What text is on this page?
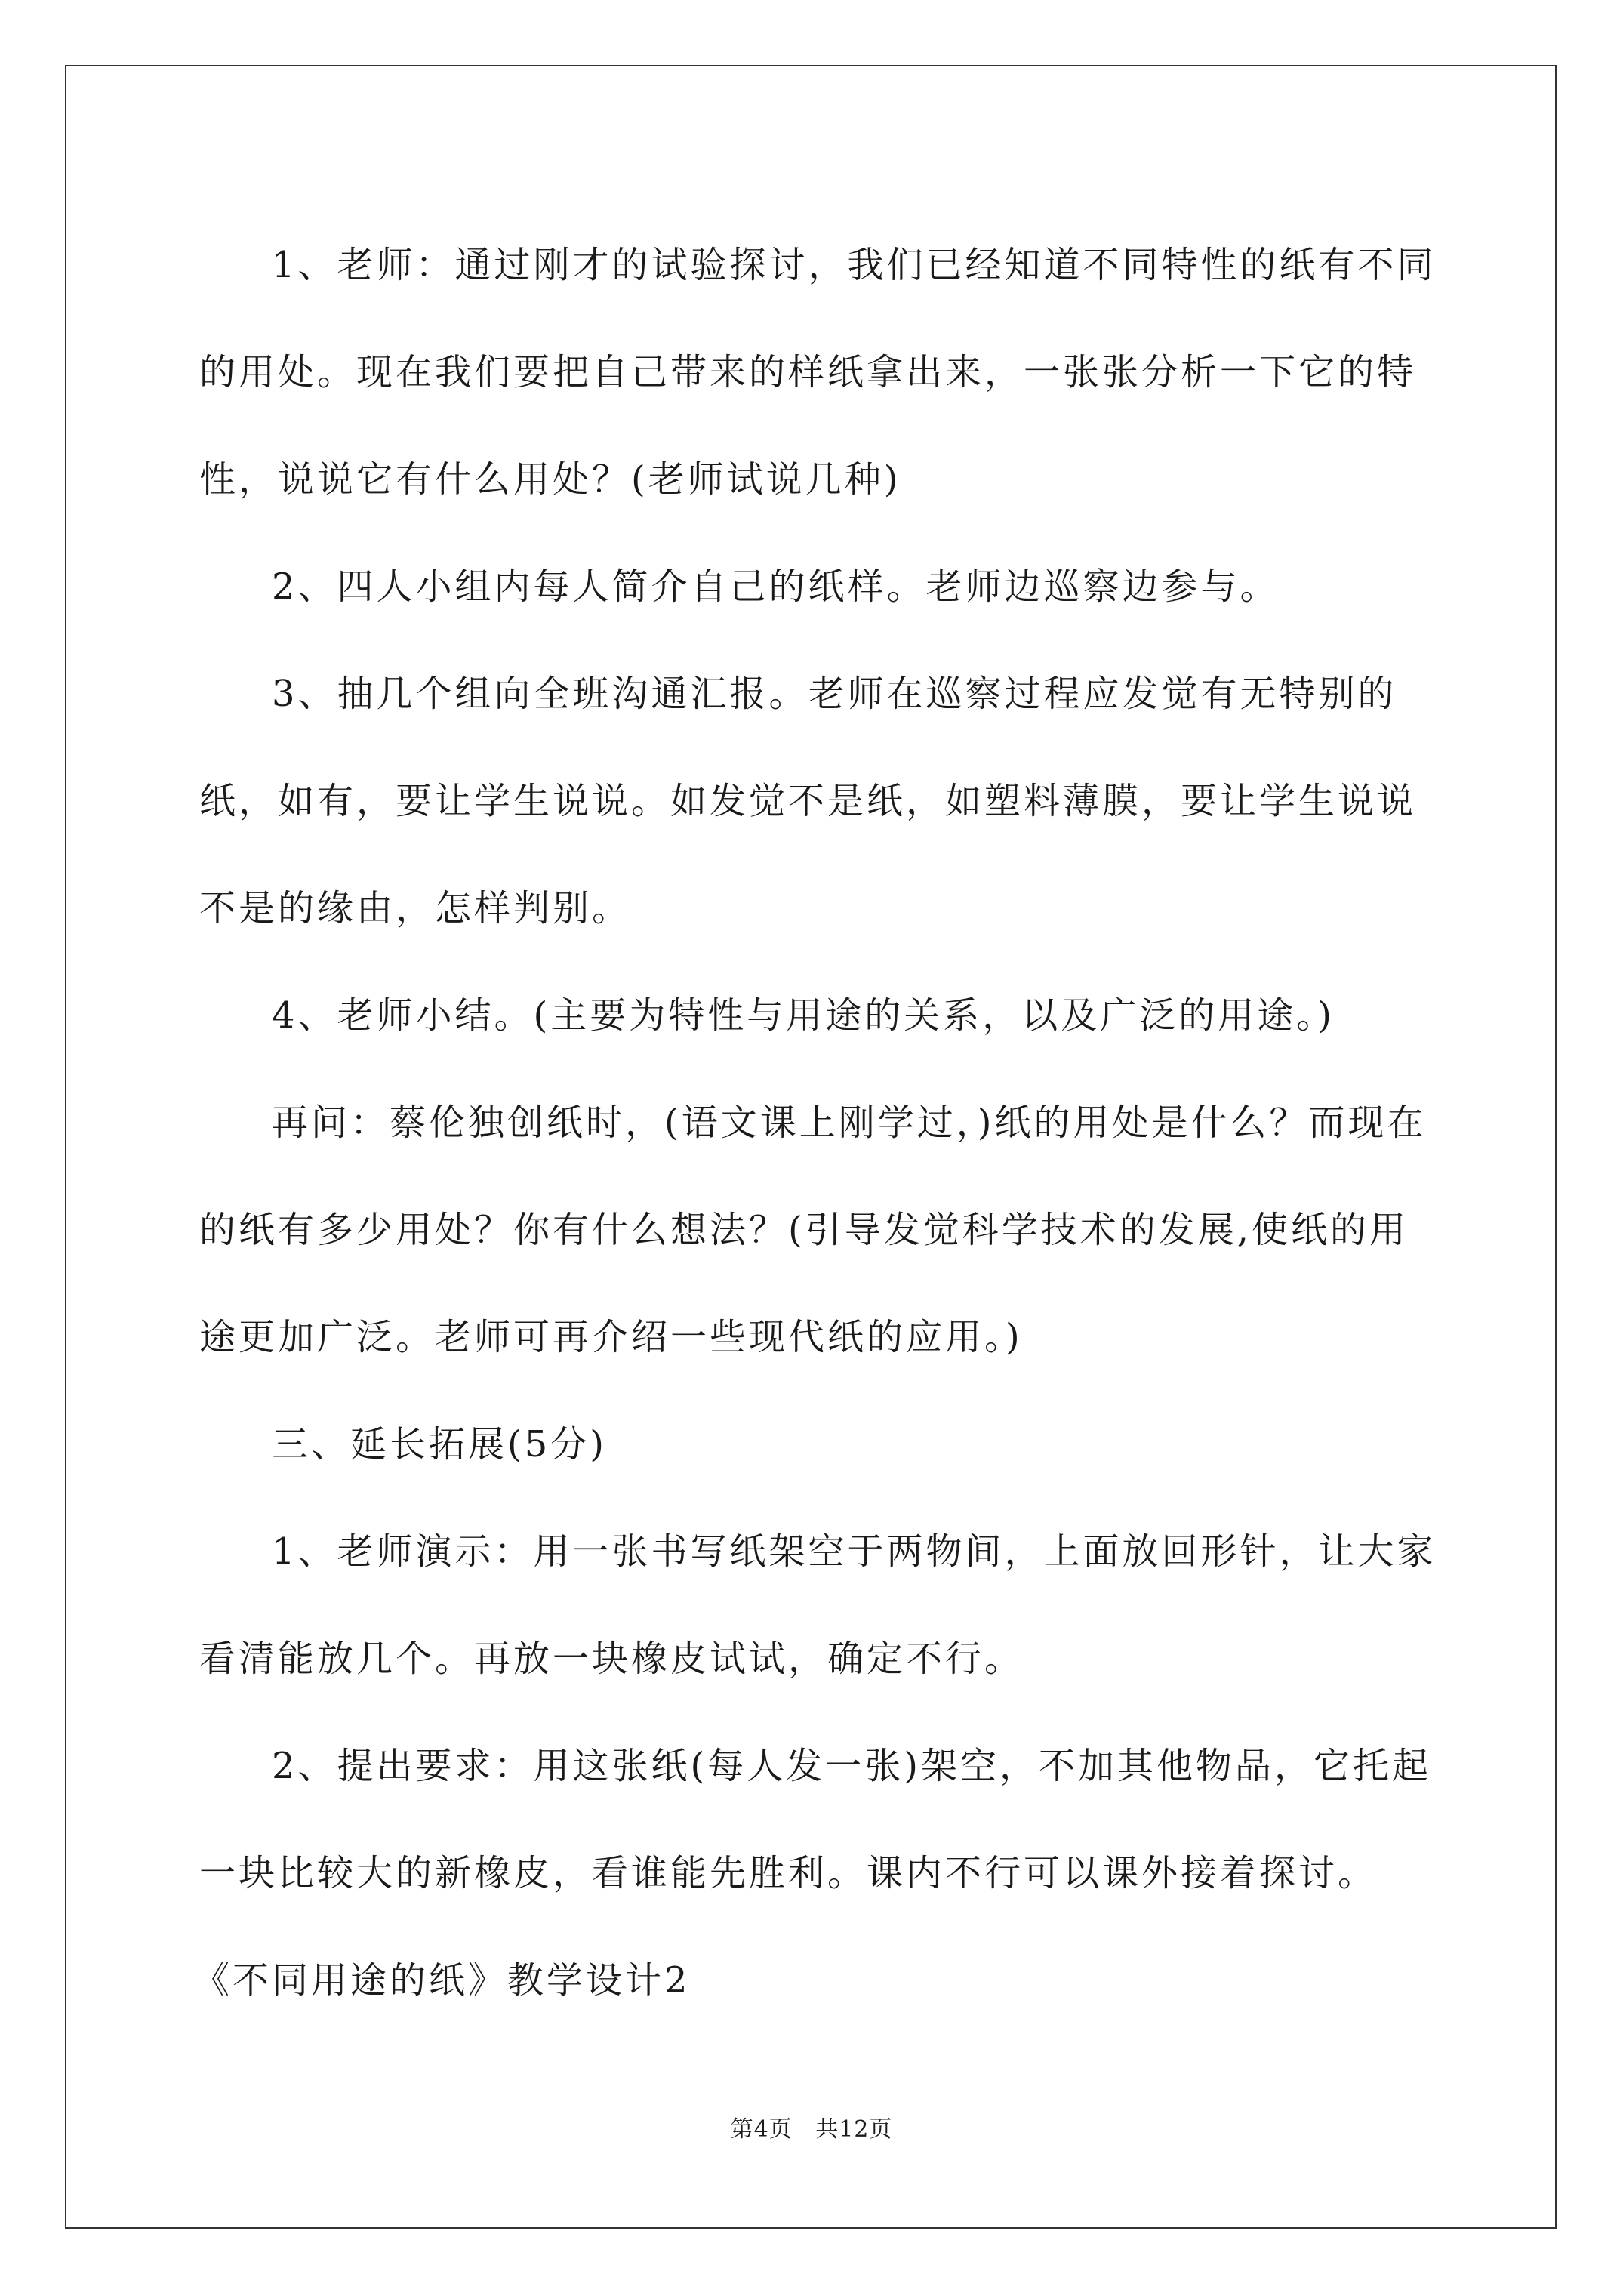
1、老师：通过刚才的试验探讨，我们已经知道不同特性的纸有不同的用处。现在我们要把自己带来的样纸拿出来，一张张分析一下它的特性，说说它有什么用处？(老师试说几种)

2、四人小组内每人简介自己的纸样。老师边巡察边参与。

3、抽几个组向全班沟通汇报。老师在巡察过程应发觉有无特别的纸，如有，要让学生说说。如发觉不是纸，如塑料薄膜，要让学生说说不是的缘由，怎样判别。

4、老师小结。(主要为特性与用途的关系，以及广泛的用途。)

再问：蔡伦独创纸时，(语文课上刚学过，)纸的用处是什么？而现在的纸有多少用处？你有什么想法？(引导发觉科学技术的发展,使纸的用途更加广泛。老师可再介绍一些现代纸的应用。)

三、延长拓展(5分)

1、老师演示：用一张书写纸架空于两物间，上面放回形针，让大家看清能放几个。再放一块橡皮试试，确定不行。

2、提出要求：用这张纸(每人发一张)架空，不加其他物品，它托起一块比较大的新橡皮，看谁能先胜利。课内不行可以课外接着探讨。

《不同用途的纸》教学设计2

第4页 共12页
